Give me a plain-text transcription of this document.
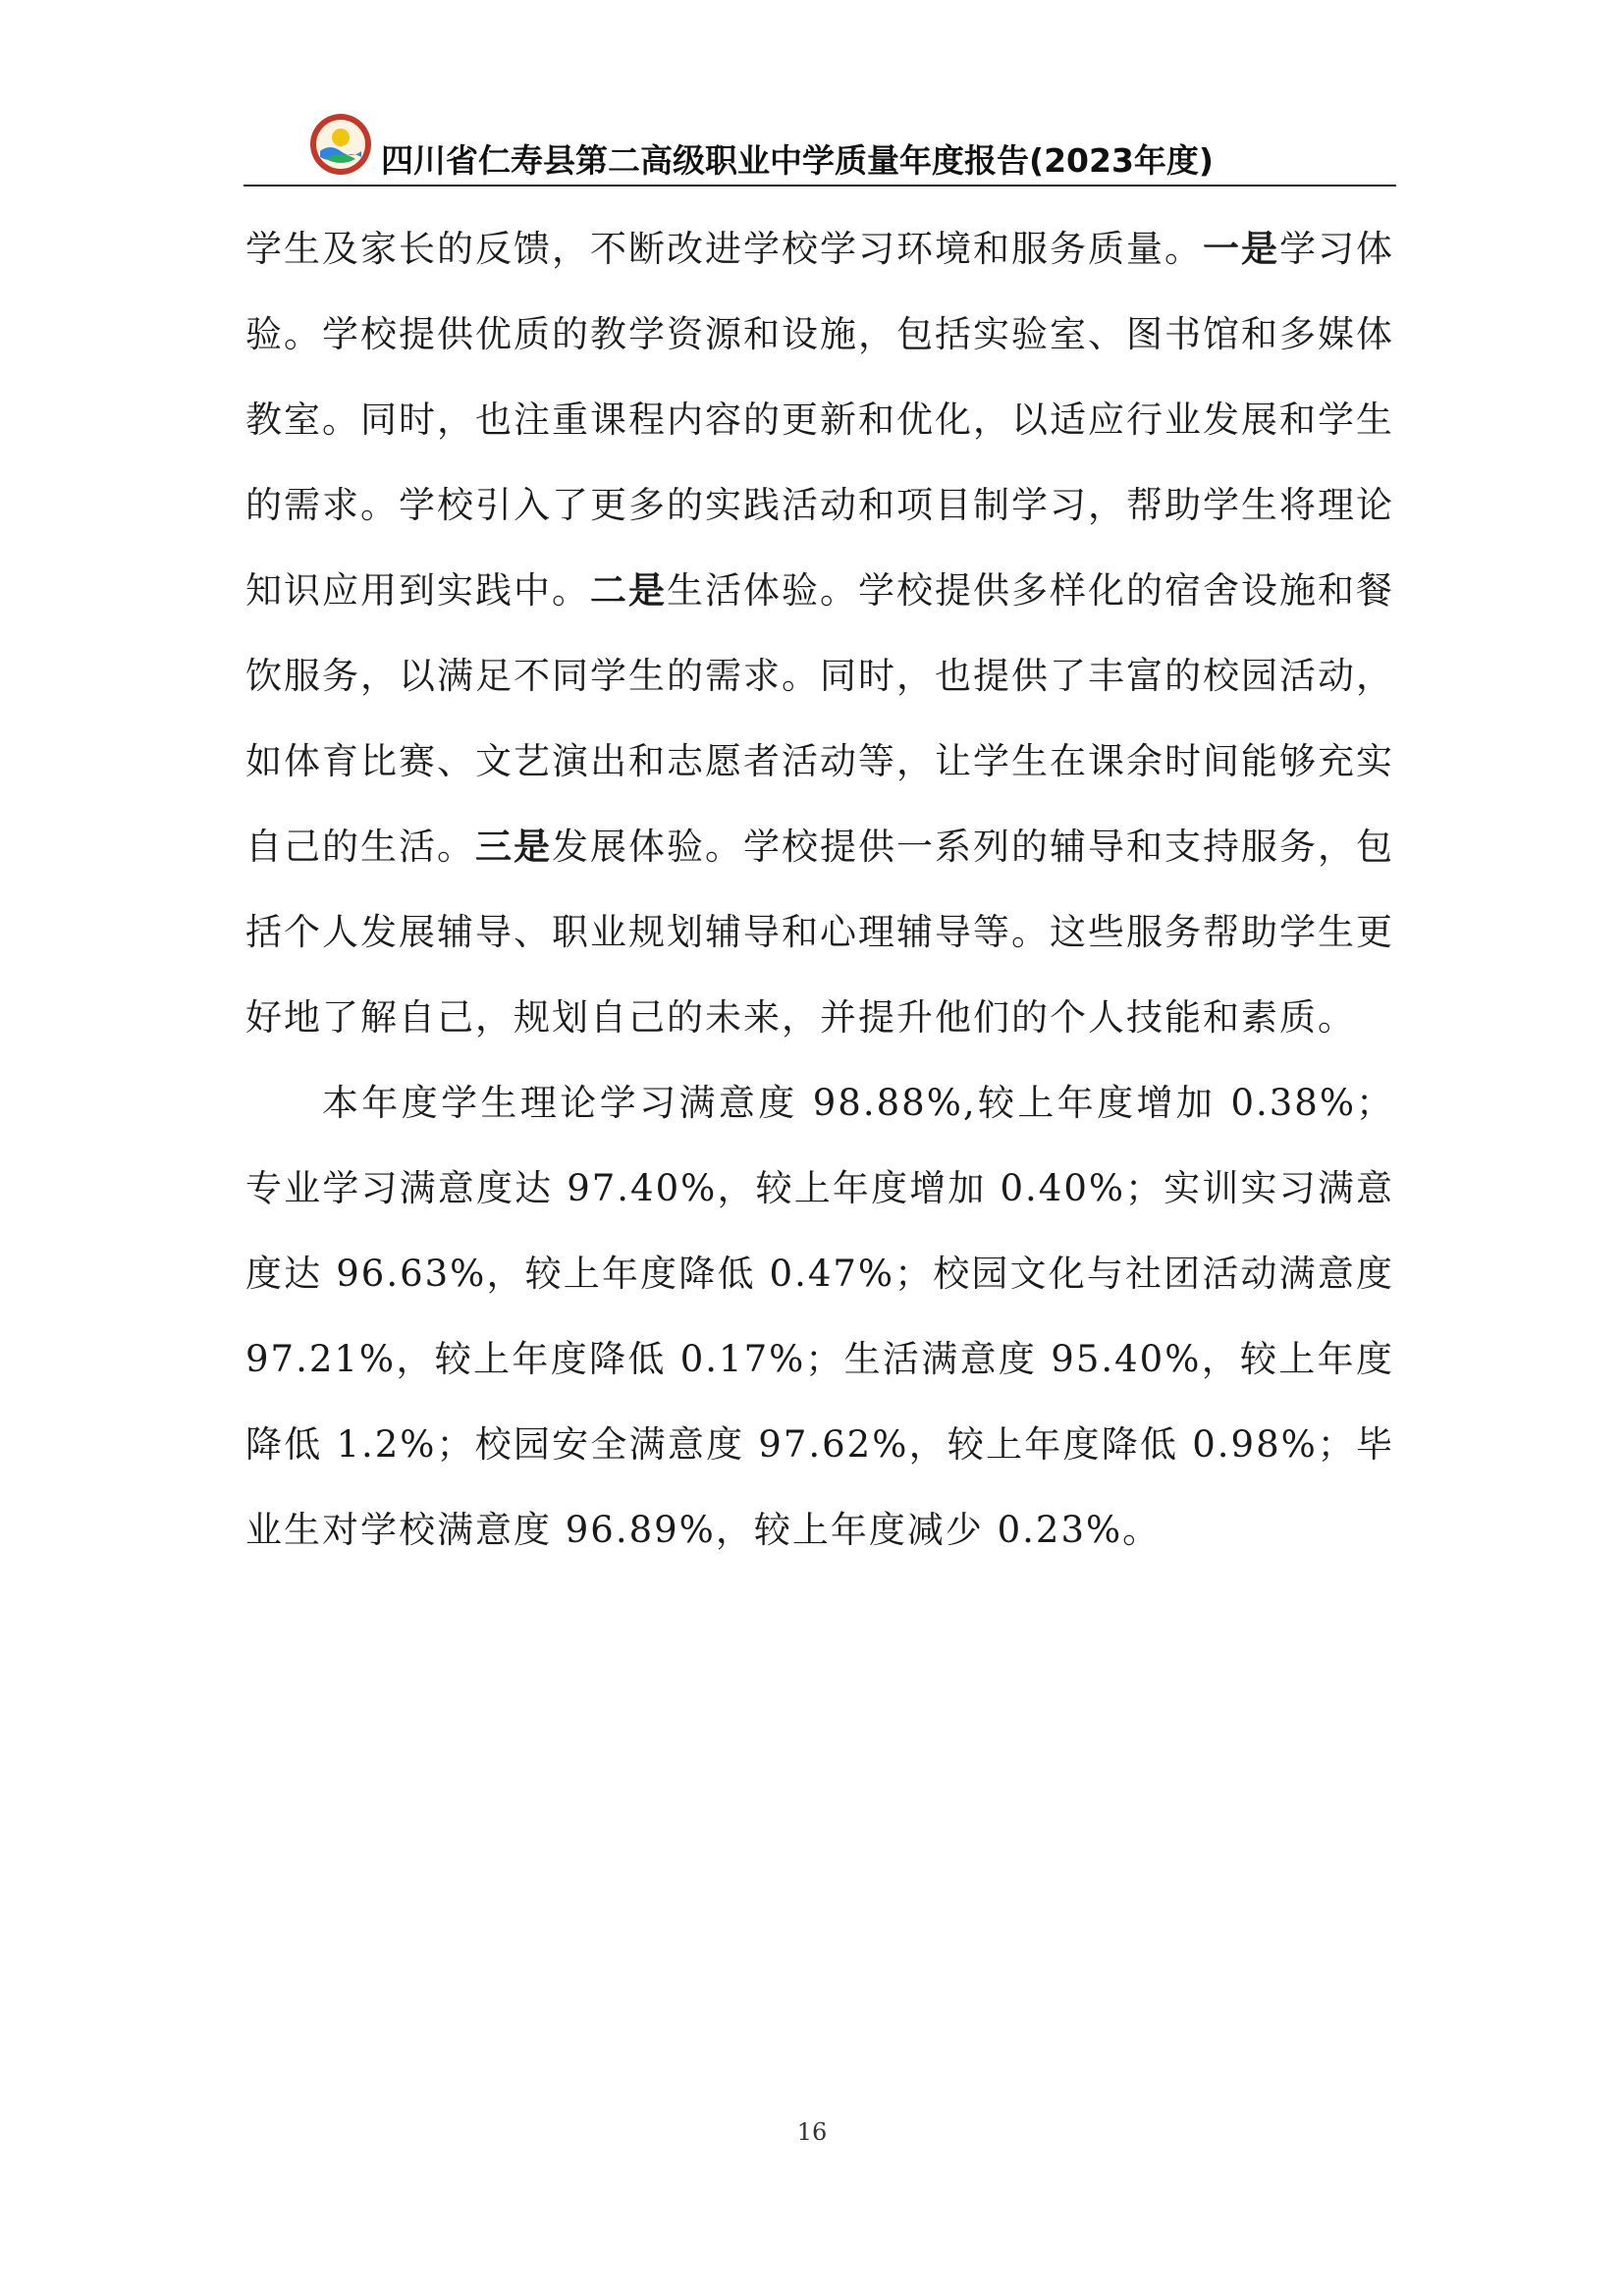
四川省仁寿县第二高级职业中学质量年度报告(2023年度)

学生及家长的反馈，不断改进学校学习环境和服务质量。一是学习体验。学校提供优质的教学资源和设施，包括实验室、图书馆和多媒体教室。同时，也注重课程内容的更新和优化，以适应行业发展和学生的需求。学校引入了更多的实践活动和项目制学习，帮助学生将理论知识应用到实践中。二是生活体验。学校提供多样化的宿舍设施和餐饮服务，以满足不同学生的需求。同时，也提供了丰富的校园活动，如体育比赛、文艺演出和志愿者活动等，让学生在课余时间能够充实自己的生活。三是发展体验。学校提供一系列的辅导和支持服务，包括个人发展辅导、职业规划辅导和心理辅导等。这些服务帮助学生更好地了解自己，规划自己的未来，并提升他们的个人技能和素质。

本年度学生理论学习满意度 98.88%,较上年度增加 0.38%；专业学习满意度达 97.40%，较上年度增加 0.40%；实训实习满意度达 96.63%，较上年度降低 0.47%；校园文化与社团活动满意度 97.21%，较上年度降低 0.17%；生活满意度 95.40%，较上年度降低 1.2%；校园安全满意度 97.62%，较上年度降低 0.98%；毕业生对学校满意度 96.89%，较上年度减少 0.23%。

16
